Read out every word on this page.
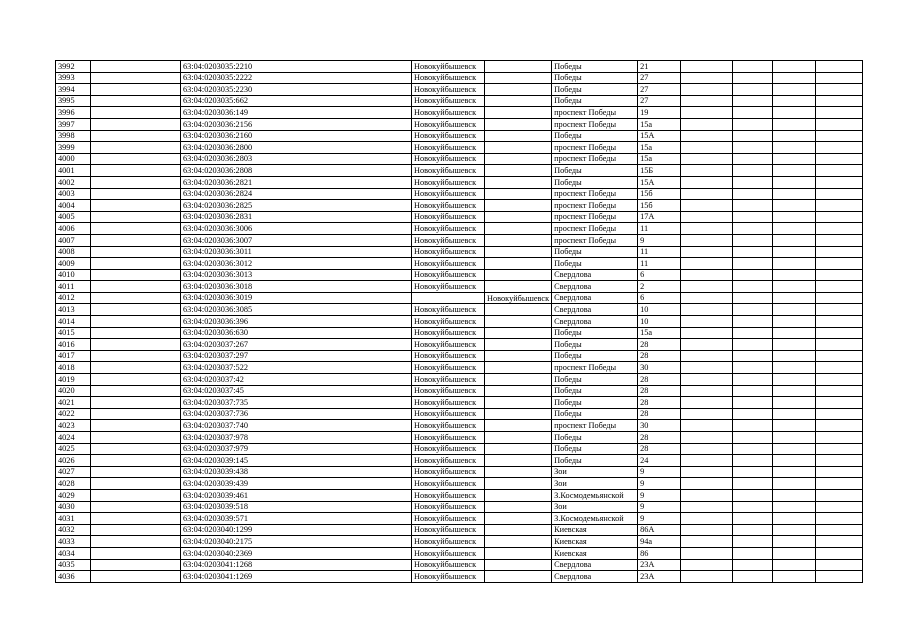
3992		63:04:0203035:2210	Новокуйбышевск		Победы	21				
3993		63:04:0203035:2222	Новокуйбышевск		Победы	27				
3994		63:04:0203035:2230	Новокуйбышевск		Победы	27				
3995		63:04:0203035:662	Новокуйбышевск		Победы	27				
3996		63:04:0203036:149	Новокуйбышевск		проспект Победы	19				
3997		63:04:0203036:2156	Новокуйбышевск		проспект Победы	15а				
3998		63:04:0203036:2160	Новокуйбышевск		Победы	15А				
3999		63:04:0203036:2800	Новокуйбышевск		проспект Победы	15а				
4000		63:04:0203036:2803	Новокуйбышевск		проспект Победы	15а				
4001		63:04:0203036:2808	Новокуйбышевск		Победы	15Б				
4002		63:04:0203036:2821	Новокуйбышевск		Победы	15А				
4003		63:04:0203036:2824	Новокуйбышевск		проспект Победы	15б				
4004		63:04:0203036:2825	Новокуйбышевск		проспект Победы	15б				
4005		63:04:0203036:2831	Новокуйбышевск		проспект Победы	17А				
4006		63:04:0203036:3006	Новокуйбышевск		проспект Победы	11				
4007		63:04:0203036:3007	Новокуйбышевск		проспект Победы	9				
4008		63:04:0203036:3011	Новокуйбышевск		Победы	11				
4009		63:04:0203036:3012	Новокуйбышевск		Победы	11				
4010		63:04:0203036:3013	Новокуйбышевск		Свердлова	6				
4011		63:04:0203036:3018	Новокуйбышевск		Свердлова	2				
4012		63:04:0203036:3019		Новокуйбышевск	Свердлова	6				
4013		63:04:0203036:3085	Новокуйбышевск		Свердлова	10				
4014		63:04:0203036:396	Новокуйбышевск		Свердлова	10				
4015		63:04:0203036:630	Новокуйбышевск		Победы	15а				
4016		63:04:0203037:267	Новокуйбышевск		Победы	28				
4017		63:04:0203037:297	Новокуйбышевск		Победы	28				
4018		63:04:0203037:522	Новокуйбышевск		проспект Победы	30				
4019		63:04:0203037:42	Новокуйбышевск		Победы	28				
4020		63:04:0203037:45	Новокуйбышевск		Победы	28				
4021		63:04:0203037:735	Новокуйбышевск		Победы	28				
4022		63:04:0203037:736	Новокуйбышевск		Победы	28				
4023		63:04:0203037:740	Новокуйбышевск		проспект Победы	30				
4024		63:04:0203037:978	Новокуйбышевск		Победы	28				
4025		63:04:0203037:979	Новокуйбышевск		Победы	28				
4026		63:04:0203039:145	Новокуйбышевск		Победы	24				
4027		63:04:0203039:438	Новокуйбышевск		Зои	9				
4028		63:04:0203039:439	Новокуйбышевск		Зои	9				
4029		63:04:0203039:461	Новокуйбышевск		З.Космодемьянской	9				
4030		63:04:0203039:518	Новокуйбышевск		Зои	9				
4031		63:04:0203039:571	Новокуйбышевск		З.Космодемьянской	9				
4032		63:04:0203040:1299	Новокуйбышевск		Киевская	86А				
4033		63:04:0203040:2175	Новокуйбышевск		Киевская	94а				
4034		63:04:0203040:2369	Новокуйбышевск		Киевская	86				
4035		63:04:0203041:1268	Новокуйбышевск		Свердлова	23А				
4036		63:04:0203041:1269	Новокуйбышевск		Свердлова	23А				
